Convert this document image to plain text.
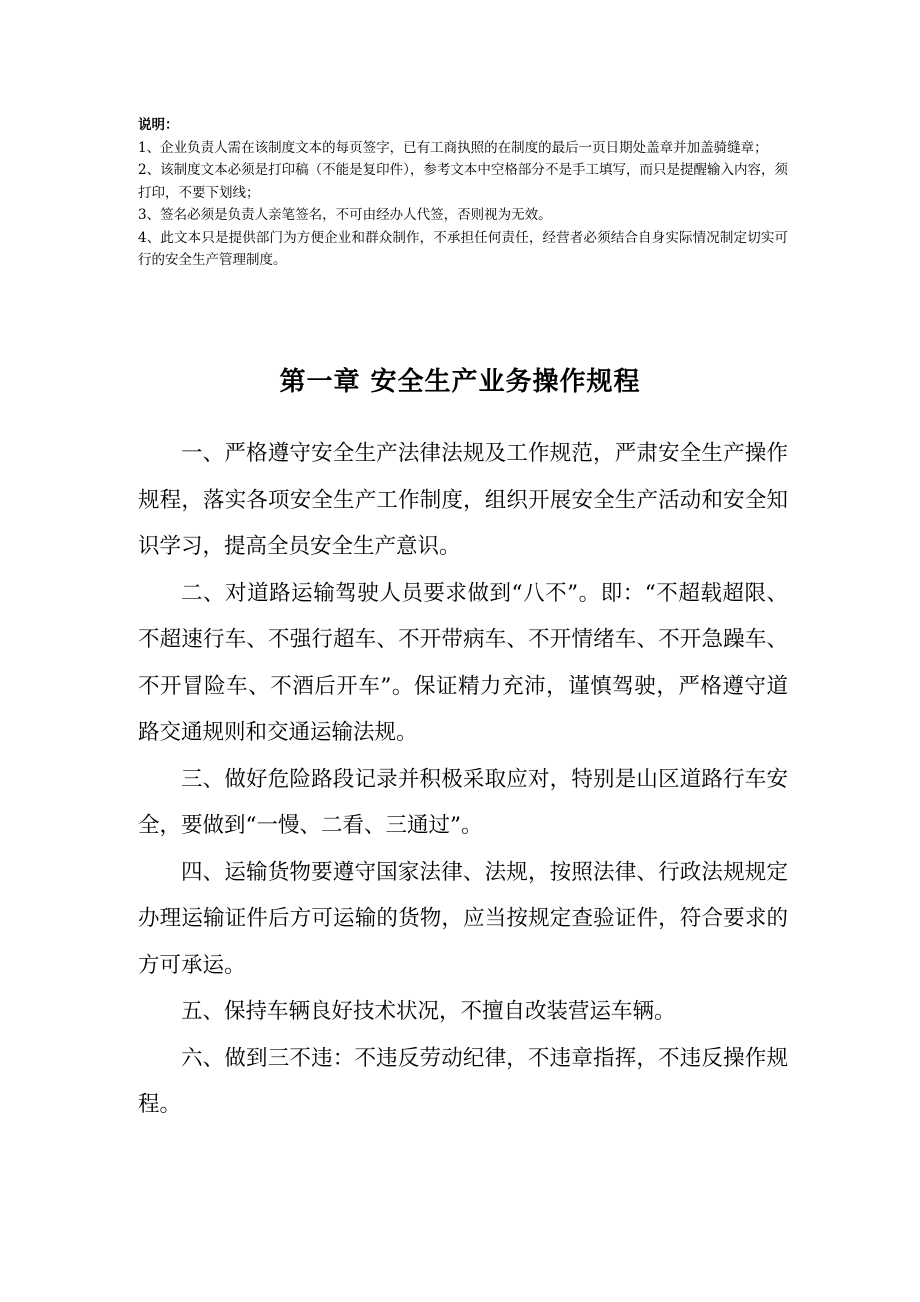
说明：

1、企业负责人需在该制度文本的每页签字，已有工商执照的在制度的最后一页日期处盖章并加盖骑缝章；

2、该制度文本必须是打印稿（不能是复印件），参考文本中空格部分不是手工填写，而只是提醒输入内容，须打印，不要下划线；

3、签名必须是负责人亲笔签名，不可由经办人代签，否则视为无效。

4、此文本只是提供部门为方便企业和群众制作，不承担任何责任，经营者必须结合自身实际情况制定切实可行的安全生产管理制度。

第一章 安全生产业务操作规程

一、严格遵守安全生产法律法规及工作规范，严肃安全生产操作规程，落实各项安全生产工作制度，组织开展安全生产活动和安全知识学习，提高全员安全生产意识。

二、对道路运输驾驶人员要求做到“八不”。即：“不超载超限、不超速行车、不强行超车、不开带病车、不开情绪车、不开急躁车、不开冒险车、不酒后开车”。保证精力充沛，谨慎驾驶，严格遵守道路交通规则和交通运输法规。

三、做好危险路段记录并积极采取应对，特别是山区道路行车安全，要做到“一慢、二看、三通过”。

四、运输货物要遵守国家法律、法规，按照法律、行政法规规定办理运输证件后方可运输的货物，应当按规定查验证件，符合要求的方可承运。

五、保持车辆良好技术状况，不擅自改装营运车辆。

六、做到三不违：不违反劳动纪律，不违章指挥，不违反操作规程。
